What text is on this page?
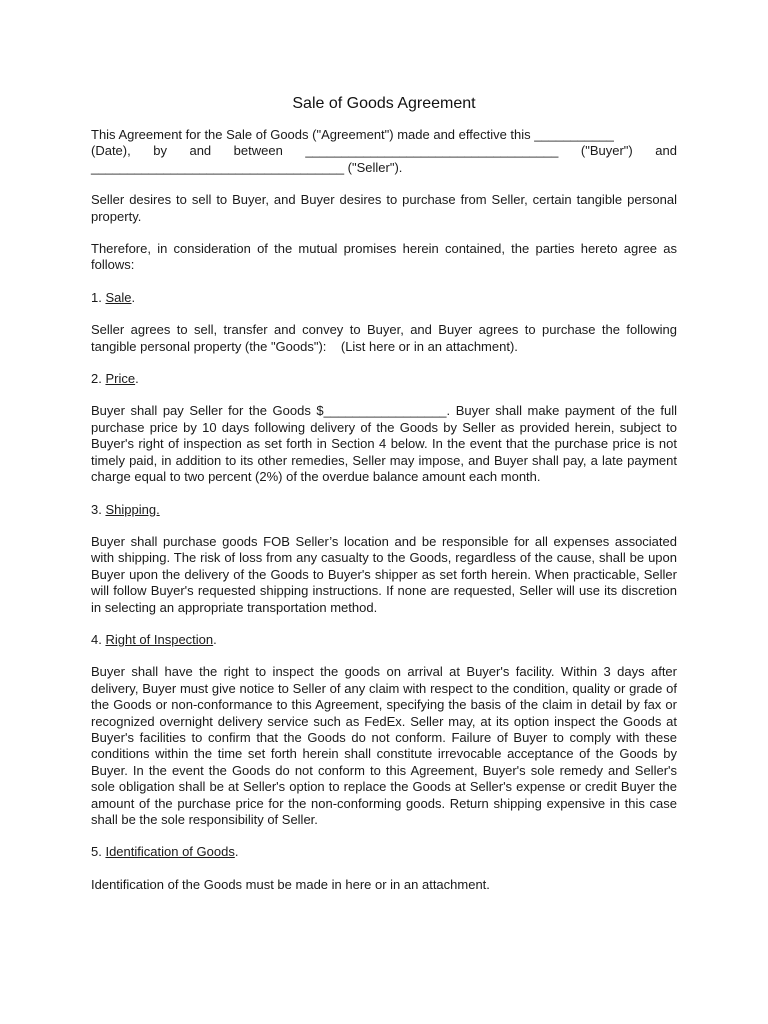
Sale of Goods Agreement

This Agreement for the Sale of Goods ("Agreement") made and effective this ___________
(Date), by and between ___________________________________ ("Buyer") and
___________________________________ ("Seller").

Seller desires to sell to Buyer, and Buyer desires to purchase from Seller, certain tangible personal property.

Therefore, in consideration of the mutual promises herein contained, the parties hereto agree as follows:

1. Sale.

Seller agrees to sell, transfer and convey to Buyer, and Buyer agrees to purchase the following tangible personal property (the "Goods"):    (List here or in an attachment).

2. Price.

Buyer shall pay Seller for the Goods $_________________. Buyer shall make payment of the full purchase price by 10 days following delivery of the Goods by Seller as provided herein, subject to Buyer's right of inspection as set forth in Section 4 below. In the event that the purchase price is not timely paid, in addition to its other remedies, Seller may impose, and Buyer shall pay, a late payment charge equal to two percent (2%) of the overdue balance amount each month.

3. Shipping.

Buyer shall purchase goods FOB Seller’s location and be responsible for all expenses associated with shipping. The risk of loss from any casualty to the Goods, regardless of the cause, shall be upon Buyer upon the delivery of the Goods to Buyer's shipper as set forth herein. When practicable, Seller will follow Buyer's requested shipping instructions. If none are requested, Seller will use its discretion in selecting an appropriate transportation method.

4. Right of Inspection.

Buyer shall have the right to inspect the goods on arrival at Buyer's facility. Within 3 days after delivery, Buyer must give notice to Seller of any claim with respect to the condition, quality or grade of the Goods or non-conformance to this Agreement, specifying the basis of the claim in detail by fax or recognized overnight delivery service such as FedEx. Seller may, at its option inspect the Goods at Buyer's facilities to confirm that the Goods do not conform. Failure of Buyer to comply with these conditions within the time set forth herein shall constitute irrevocable acceptance of the Goods by Buyer. In the event the Goods do not conform to this Agreement, Buyer's sole remedy and Seller's sole obligation shall be at Seller's option to replace the Goods at Seller's expense or credit Buyer the amount of the purchase price for the non-conforming goods. Return shipping expensive in this case shall be the sole responsibility of Seller.

5. Identification of Goods.

Identification of the Goods must be made in here or in an attachment.
